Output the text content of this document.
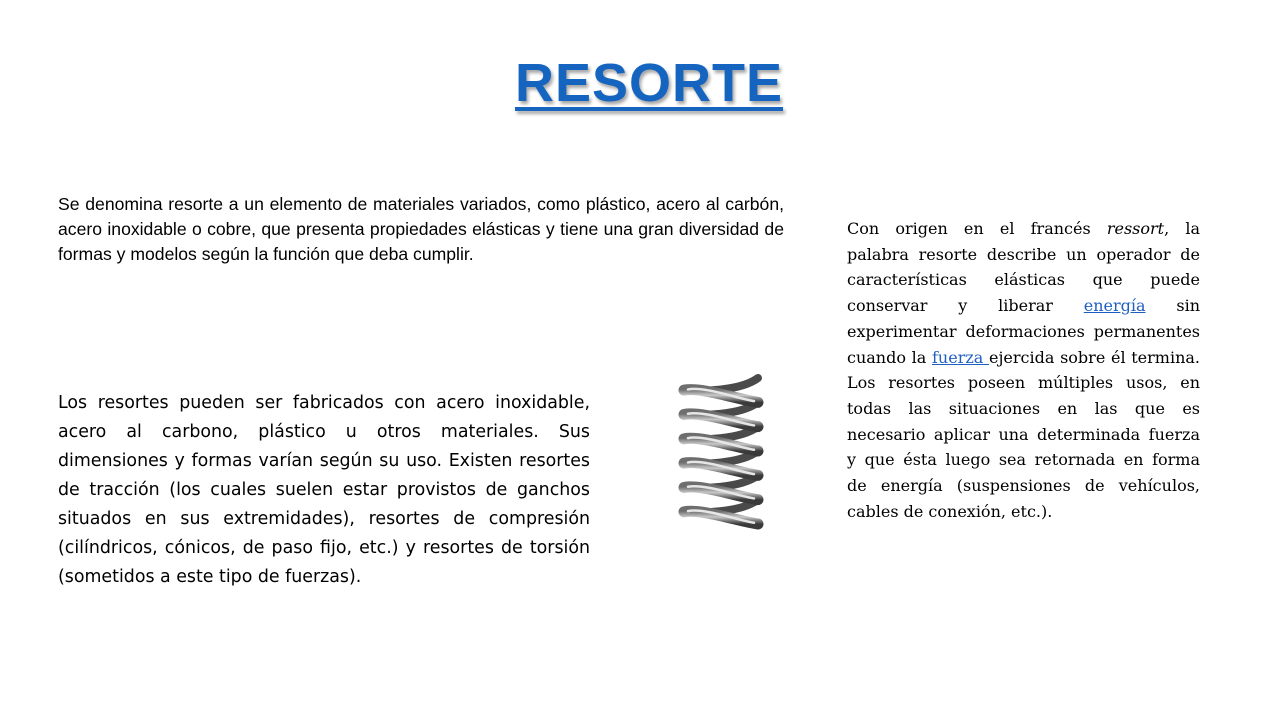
RESORTE

Se denomina resorte a un elemento de materiales variados, como plástico, acero al carbón, acero inoxidable o cobre, que presenta propiedades elásticas y tiene una gran diversidad de formas y modelos según la función que deba cumplir.

Los resortes pueden ser fabricados con acero inoxidable, acero al carbono, plástico u otros materiales. Sus dimensiones y formas varían según su uso. Existen resortes de tracción (los cuales suelen estar provistos de ganchos situados en sus extremidades), resortes de compresión (cilíndricos, cónicos, de paso fijo, etc.) y resortes de torsión (sometidos a este tipo de fuerzas).

Con origen en el francés ressort, la palabra resorte describe un operador de características elásticas que puede conservar y liberar energía sin experimentar deformaciones permanentes cuando la fuerza ejercida sobre él termina. Los resortes poseen múltiples usos, en todas las situaciones en las que es necesario aplicar una determinada fuerza y que ésta luego sea retornada en forma de energía (suspensiones de vehículos, cables de conexión, etc.).
